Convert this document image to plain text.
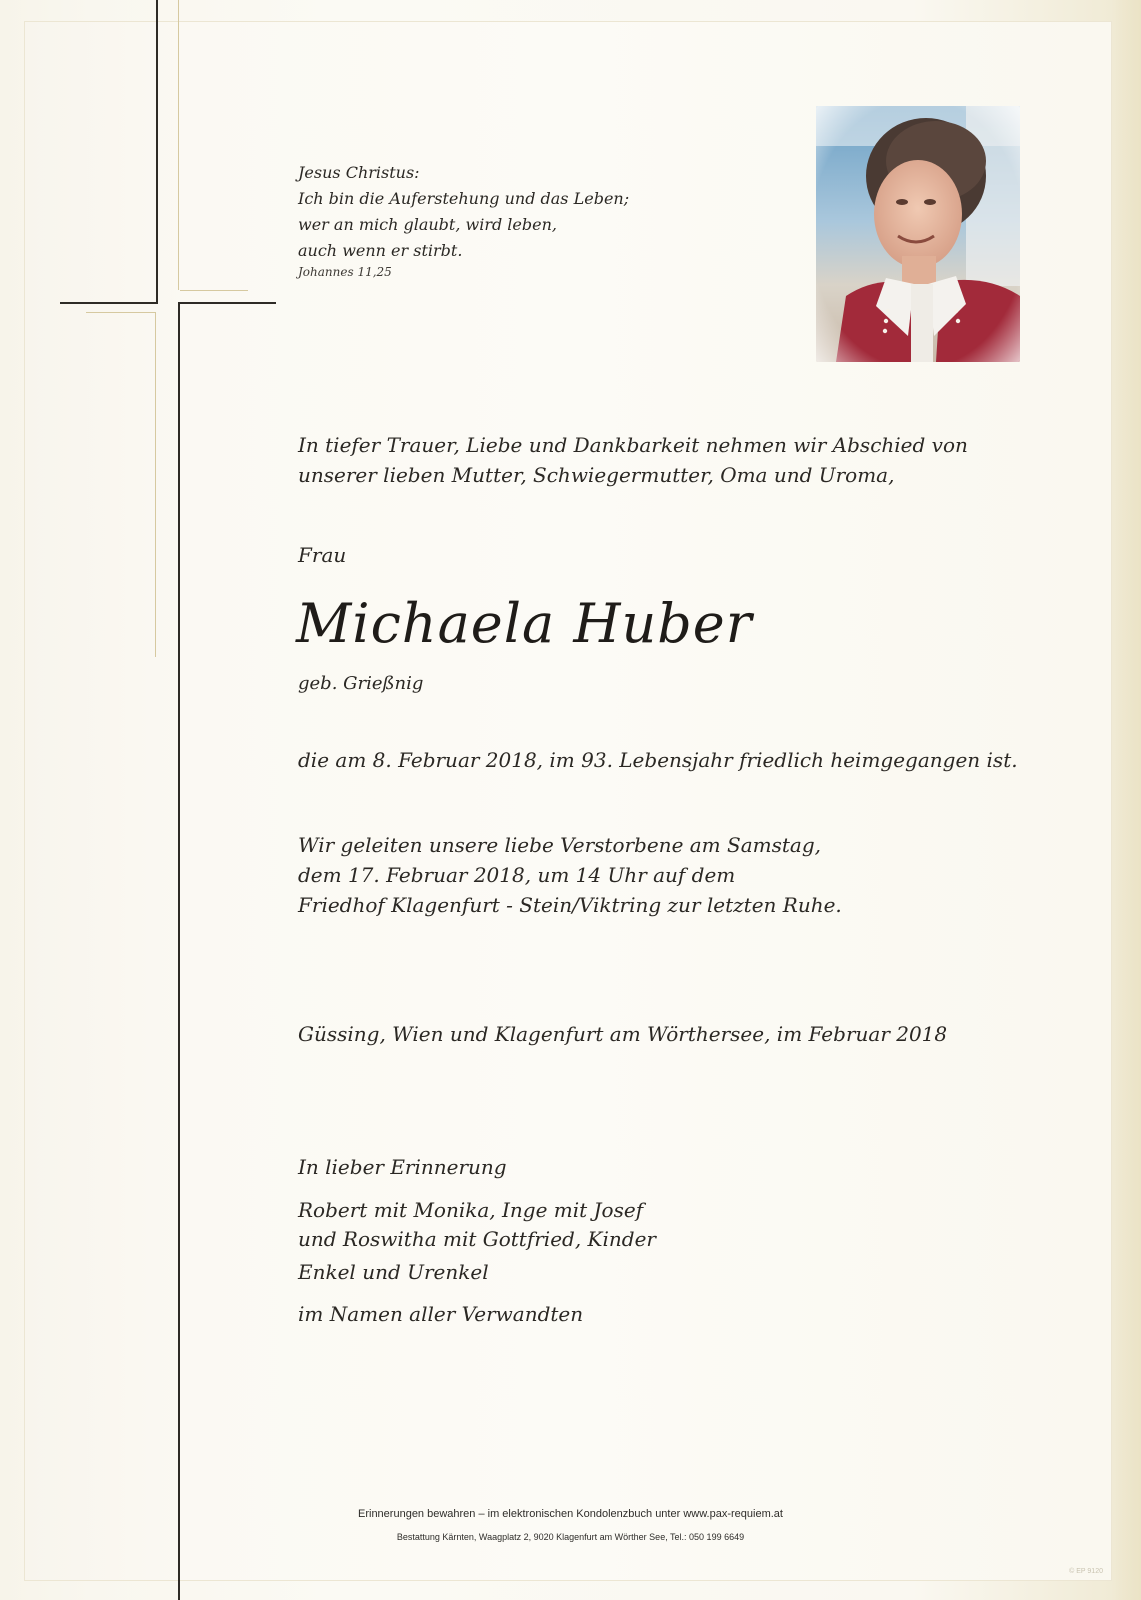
Jesus Christus:
Ich bin die Auferstehung und das Leben;
wer an mich glaubt, wird leben,
auch wenn er stirbt.
Johannes 11,25
In tiefer Trauer, Liebe und Dankbarkeit nehmen wir Abschied von
unserer lieben Mutter, Schwiegermutter, Oma und Uroma,
Frau
Michaela Huber
geb. Grießnig
die am 8. Februar 2018, im 93. Lebensjahr friedlich heimgegangen ist.
Wir geleiten unsere liebe Verstorbene am Samstag,
dem 17. Februar 2018, um 14 Uhr auf dem
Friedhof Klagenfurt - Stein/Viktring zur letzten Ruhe.
Güssing, Wien und Klagenfurt am Wörthersee, im Februar 2018
In lieber Erinnerung
Robert mit Monika, Inge mit Josef
und Roswitha mit Gottfried, Kinder
Enkel und Urenkel
im Namen aller Verwandten
Erinnerungen bewahren – im elektronischen Kondolenzbuch unter www.pax-requiem.at
Bestattung Kärnten, Waagplatz 2, 9020 Klagenfurt am Wörther See, Tel.: 050 199 6649
© EP 9120
